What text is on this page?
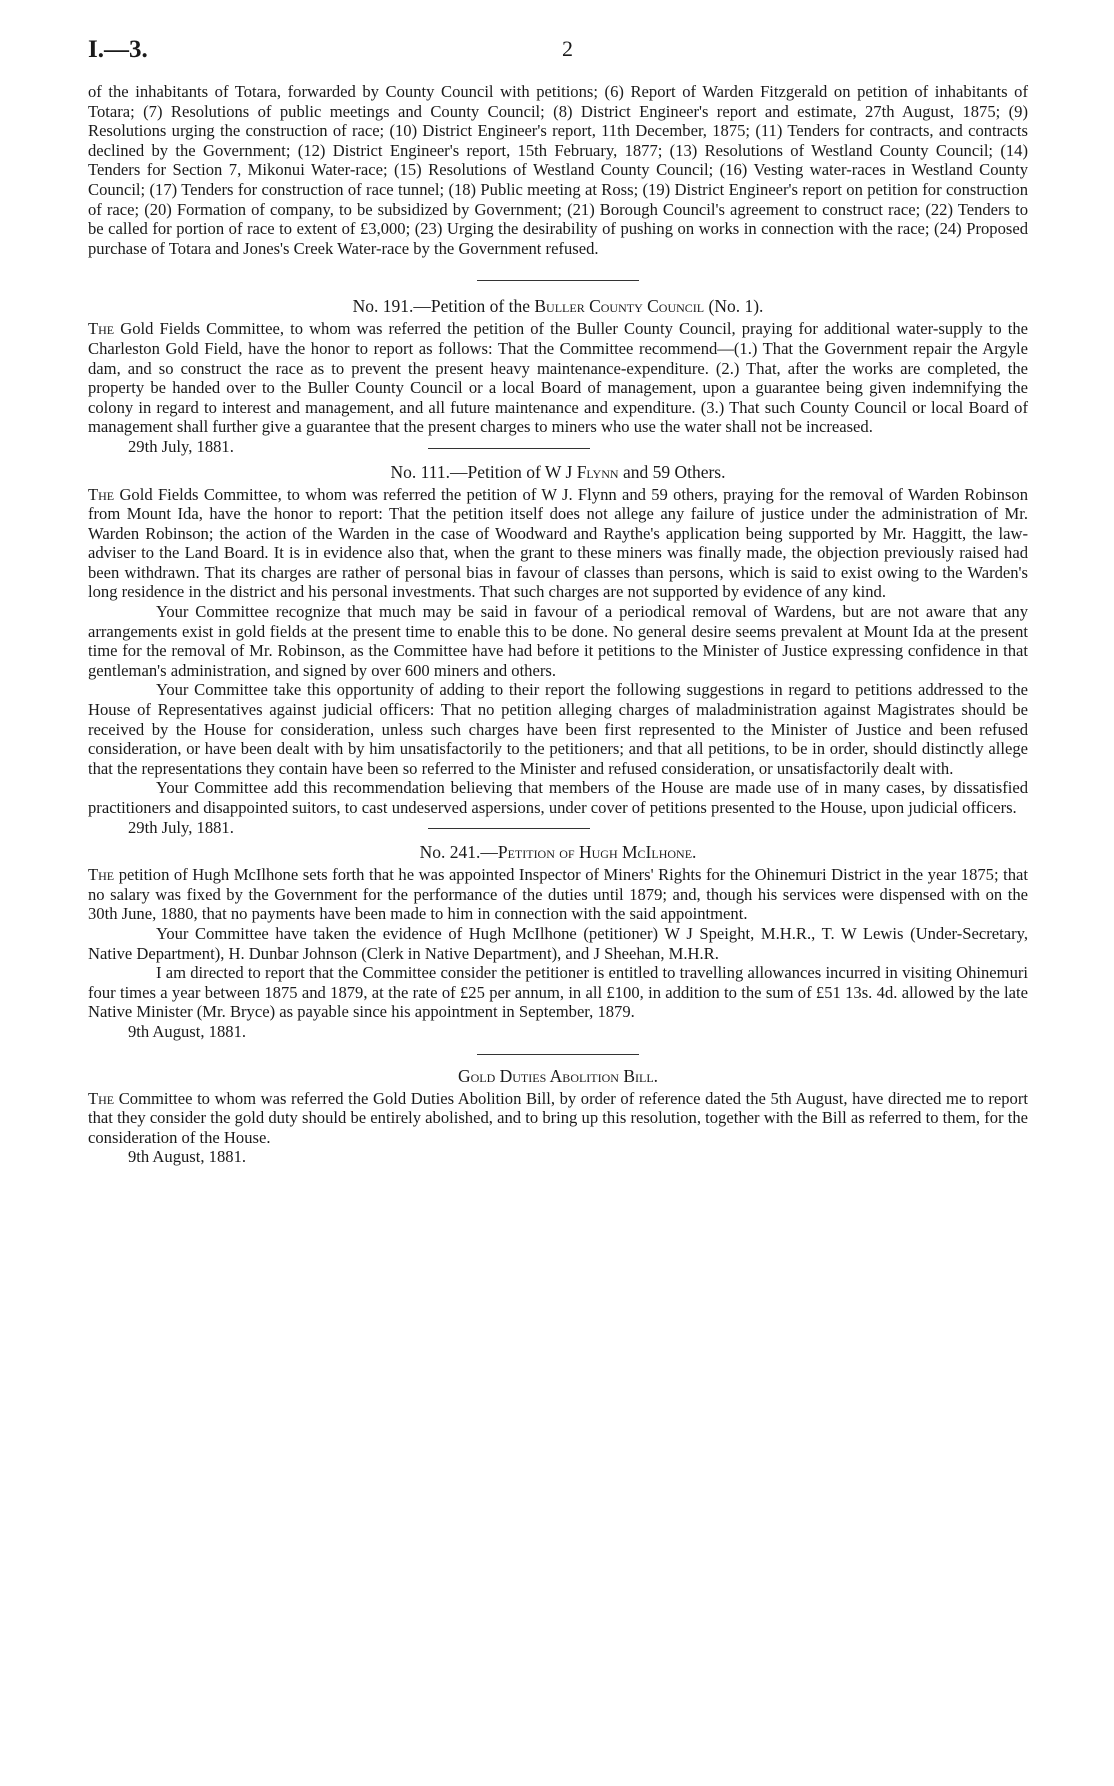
I.—3.	2

of the inhabitants of Totara, forwarded by County Council with petitions; (6) Report of Warden Fitzgerald on petition of inhabitants of Totara; (7) Resolutions of public meetings and County Council; (8) District Engineer's report and estimate, 27th August, 1875; (9) Resolutions urging the construction of race; (10) District Engineer's report, 11th December, 1875; (11) Tenders for contracts, and contracts declined by the Government; (12) District Engineer's report, 15th February, 1877; (13) Resolutions of Westland County Council; (14) Tenders for Section 7, Mikonui Water-race; (15) Resolutions of Westland County Council; (16) Vesting water-races in Westland County Council; (17) Tenders for construction of race tunnel; (18) Public meeting at Ross; (19) District Engineer's report on petition for construction of race; (20) Formation of company, to be subsidized by Government; (21) Borough Council's agreement to construct race; (22) Tenders to be called for portion of race to extent of £3,000; (23) Urging the desirability of pushing on works in connection with the race; (24) Proposed purchase of Totara and Jones's Creek Water-race by the Government refused.

No. 191.—Petition of the Buller County Council (No. 1).

The Gold Fields Committee, to whom was referred the petition of the Buller County Council, praying for additional water-supply to the Charleston Gold Field, have the honor to report as follows: That the Committee recommend—(1.) That the Government repair the Argyle dam, and so construct the race as to prevent the present heavy maintenance-expenditure. (2.) That, after the works are completed, the property be handed over to the Buller County Council or a local Board of management, upon a guarantee being given indemnifying the colony in regard to interest and management, and all future maintenance and expenditure. (3.) That such County Council or local Board of management shall further give a guarantee that the present charges to miners who use the water shall not be increased.

29th July, 1881.

No. 111.—Petition of W J Flynn and 59 Others.

The Gold Fields Committee, to whom was referred the petition of W J. Flynn and 59 others, praying for the removal of Warden Robinson from Mount Ida, have the honor to report: That the petition itself does not allege any failure of justice under the administration of Mr. Warden Robinson; the action of the Warden in the case of Woodward and Raythe's application being supported by Mr. Haggitt, the law-adviser to the Land Board. It is in evidence also that, when the grant to these miners was finally made, the objection previously raised had been withdrawn. That its charges are rather of personal bias in favour of classes than persons, which is said to exist owing to the Warden's long residence in the district and his personal investments. That such charges are not supported by evidence of any kind.

Your Committee recognize that much may be said in favour of a periodical removal of Wardens, but are not aware that any arrangements exist in gold fields at the present time to enable this to be done. No general desire seems prevalent at Mount Ida at the present time for the removal of Mr. Robinson, as the Committee have had before it petitions to the Minister of Justice expressing confidence in that gentleman's administration, and signed by over 600 miners and others.

Your Committee take this opportunity of adding to their report the following suggestions in regard to petitions addressed to the House of Representatives against judicial officers: That no petition alleging charges of maladministration against Magistrates should be received by the House for consideration, unless such charges have been first represented to the Minister of Justice and been refused consideration, or have been dealt with by him unsatisfactorily to the petitioners; and that all petitions, to be in order, should distinctly allege that the representations they contain have been so referred to the Minister and refused consideration, or unsatisfactorily dealt with.

Your Committee add this recommendation believing that members of the House are made use of in many cases, by dissatisfied practitioners and disappointed suitors, to cast undeserved aspersions, under cover of petitions presented to the House, upon judicial officers.

29th July, 1881.

No. 241.—Petition of Hugh McIlhone.

The petition of Hugh McIlhone sets forth that he was appointed Inspector of Miners' Rights for the Ohinemuri District in the year 1875; that no salary was fixed by the Government for the performance of the duties until 1879; and, though his services were dispensed with on the 30th June, 1880, that no payments have been made to him in connection with the said appointment.

Your Committee have taken the evidence of Hugh McIlhone (petitioner) W J Speight, M.H.R., T. W Lewis (Under-Secretary, Native Department), H. Dunbar Johnson (Clerk in Native Department), and J Sheehan, M.H.R.

I am directed to report that the Committee consider the petitioner is entitled to travelling allowances incurred in visiting Ohinemuri four times a year between 1875 and 1879, at the rate of £25 per annum, in all £100, in addition to the sum of £51 13s. 4d. allowed by the late Native Minister (Mr. Bryce) as payable since his appointment in September, 1879.

9th August, 1881.

Gold Duties Abolition Bill.

The Committee to whom was referred the Gold Duties Abolition Bill, by order of reference dated the 5th August, have directed me to report that they consider the gold duty should be entirely abolished, and to bring up this resolution, together with the Bill as referred to them, for the consideration of the House.

9th August, 1881.
